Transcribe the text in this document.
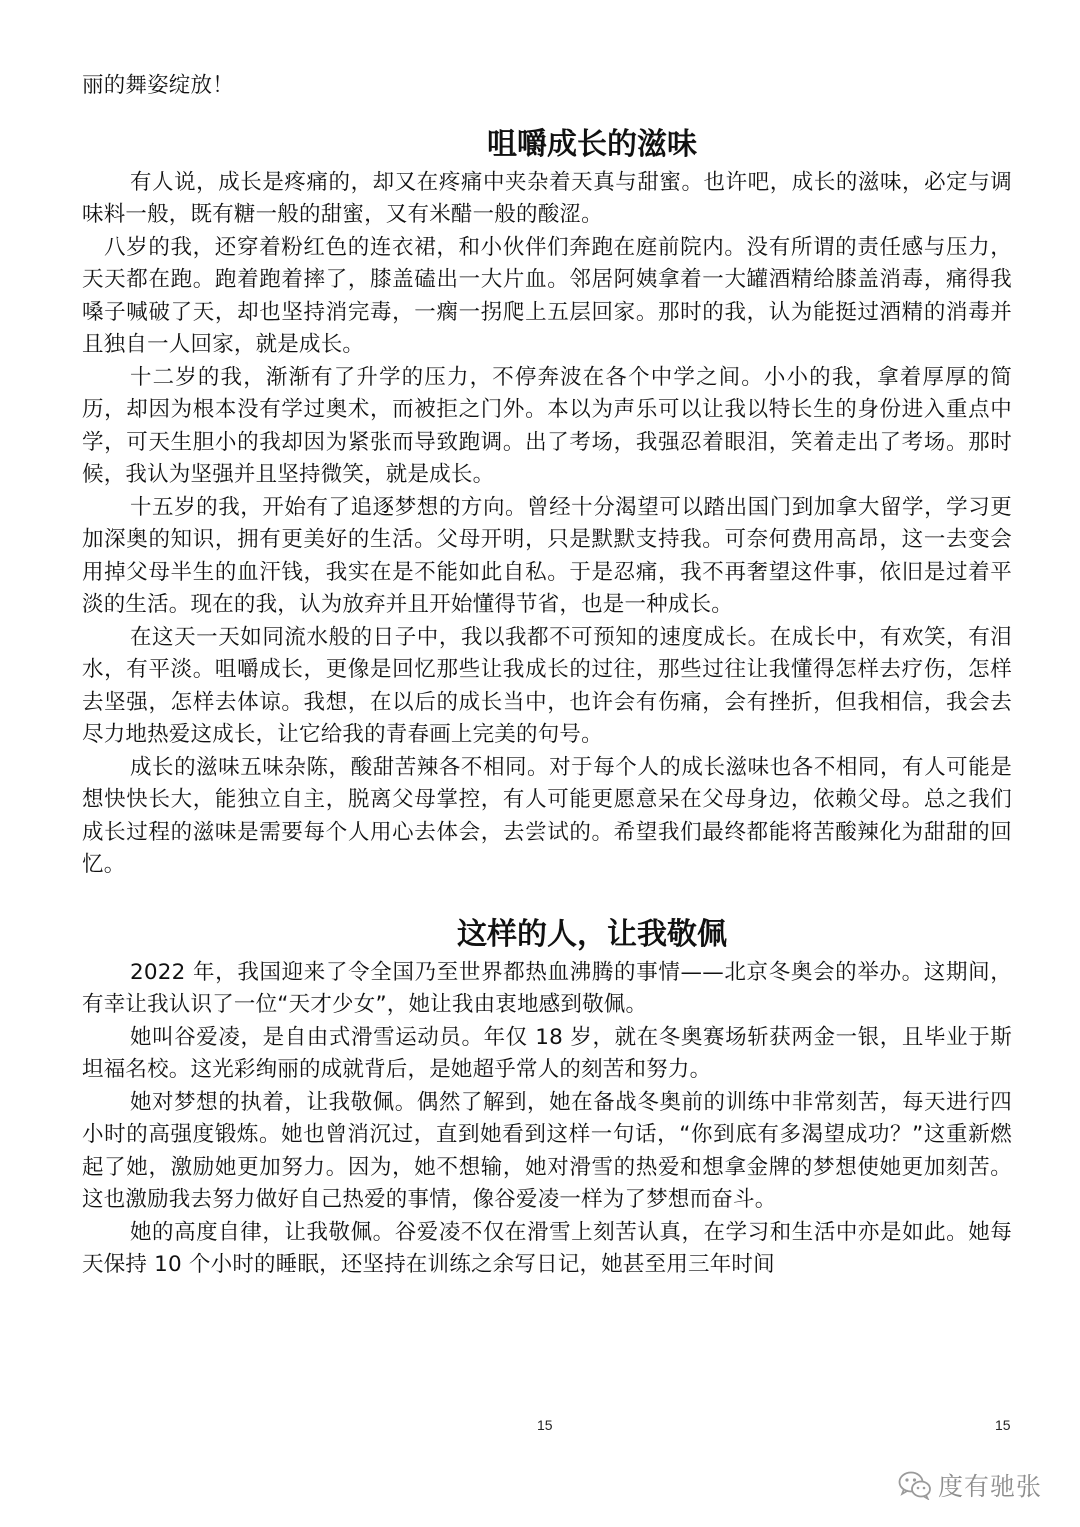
丽的舞姿绽放！

咀嚼成长的滋味

有人说，成长是疼痛的，却又在疼痛中夹杂着天真与甜蜜。也许吧，成长的滋味，必定与调味料一般，既有糖一般的甜蜜，又有米醋一般的酸涩。

八岁的我，还穿着粉红色的连衣裙，和小伙伴们奔跑在庭前院内。没有所谓的责任感与压力，天天都在跑。跑着跑着摔了，膝盖磕出一大片血。邻居阿姨拿着一大罐酒精给膝盖消毒，痛得我嗓子喊破了天，却也坚持消完毒，一瘸一拐爬上五层回家。那时的我，认为能挺过酒精的消毒并且独自一人回家，就是成长。

十二岁的我，渐渐有了升学的压力，不停奔波在各个中学之间。小小的我，拿着厚厚的简历，却因为根本没有学过奥术，而被拒之门外。本以为声乐可以让我以特长生的身份进入重点中学，可天生胆小的我却因为紧张而导致跑调。出了考场，我强忍着眼泪，笑着走出了考场。那时候，我认为坚强并且坚持微笑，就是成长。

十五岁的我，开始有了追逐梦想的方向。曾经十分渴望可以踏出国门到加拿大留学，学习更加深奥的知识，拥有更美好的生活。父母开明，只是默默支持我。可奈何费用高昂，这一去变会用掉父母半生的血汗钱，我实在是不能如此自私。于是忍痛，我不再奢望这件事，依旧是过着平淡的生活。现在的我，认为放弃并且开始懂得节省，也是一种成长。

在这天一天如同流水般的日子中，我以我都不可预知的速度成长。在成长中，有欢笑，有泪水，有平淡。咀嚼成长，更像是回忆那些让我成长的过往，那些过往让我懂得怎样去疗伤，怎样去坚强，怎样去体谅。我想，在以后的成长当中，也许会有伤痛，会有挫折，但我相信，我会去尽力地热爱这成长，让它给我的青春画上完美的句号。

成长的滋味五味杂陈，酸甜苦辣各不相同。对于每个人的成长滋味也各不相同，有人可能是想快快长大，能独立自主，脱离父母掌控，有人可能更愿意呆在父母身边，依赖父母。总之我们成长过程的滋味是需要每个人用心去体会，去尝试的。希望我们最终都能将苦酸辣化为甜甜的回忆。

这样的人，让我敬佩

2022 年，我国迎来了令全国乃至世界都热血沸腾的事情——北京冬奥会的举办。这期间，有幸让我认识了一位“天才少女”，她让我由衷地感到敬佩。

她叫谷爱凌，是自由式滑雪运动员。年仅 18 岁，就在冬奥赛场斩获两金一银，且毕业于斯坦福名校。这光彩绚丽的成就背后，是她超乎常人的刻苦和努力。

她对梦想的执着，让我敬佩。偶然了解到，她在备战冬奥前的训练中非常刻苦，每天进行四小时的高强度锻炼。她也曾消沉过，直到她看到这样一句话，“你到底有多渴望成功？”这重新燃起了她，激励她更加努力。因为，她不想输，她对滑雪的热爱和想拿金牌的梦想使她更加刻苦。这也激励我去努力做好自己热爱的事情，像谷爱凌一样为了梦想而奋斗。

她的高度自律，让我敬佩。谷爱凌不仅在滑雪上刻苦认真，在学习和生活中亦是如此。她每天保持 10 个小时的睡眠，还坚持在训练之余写日记，她甚至用三年时间

15	15
度有驰张
